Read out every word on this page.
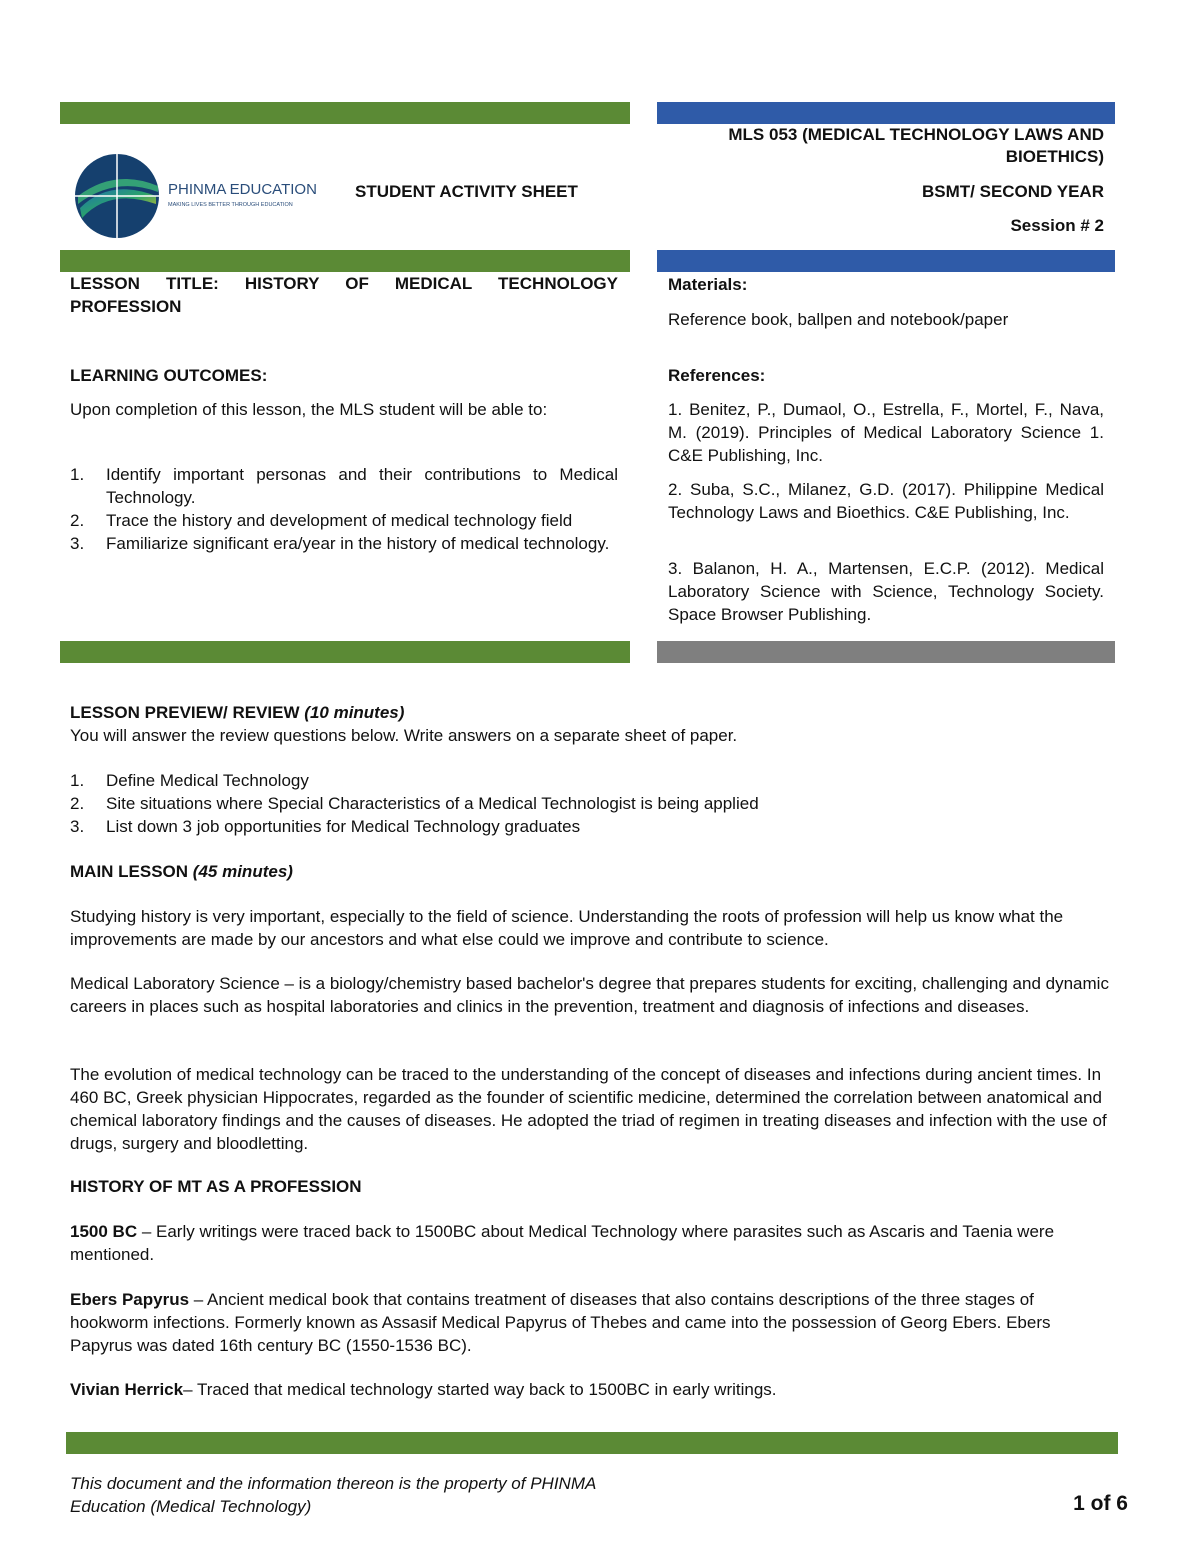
PHINMA EDUCATION
MAKING LIVES BETTER THROUGH EDUCATION
STUDENT ACTIVITY SHEET
MLS 053 (MEDICAL TECHNOLOGY LAWS AND
BIOETHICS)
BSMT/ SECOND YEAR
Session # 2
LESSON TITLE: HISTORY OF MEDICAL TECHNOLOGY PROFESSION
LEARNING OUTCOMES:
Upon completion of this lesson, the MLS student will be able to:
1. Identify important personas and their contributions to Medical Technology.
2. Trace the history and development of medical technology field
3. Familiarize significant era/year in the history of medical technology.
Materials:
Reference book, ballpen and notebook/paper
References:
1. Benitez, P., Dumaol, O., Estrella, F., Mortel, F., Nava, M. (2019). Principles of Medical Laboratory Science 1. C&E Publishing, Inc.
2. Suba, S.C., Milanez, G.D. (2017). Philippine Medical Technology Laws and Bioethics. C&E Publishing, Inc.
3. Balanon, H. A., Martensen, E.C.P. (2012). Medical Laboratory Science with Science, Technology Society. Space Browser Publishing.
LESSON PREVIEW/ REVIEW (10 minutes)
You will answer the review questions below. Write answers on a separate sheet of paper.
1. Define Medical Technology
2. Site situations where Special Characteristics of a Medical Technologist is being applied
3. List down 3 job opportunities for Medical Technology graduates
MAIN LESSON (45 minutes)

Studying history is very important, especially to the field of science. Understanding the roots of profession will help us know what the improvements are made by our ancestors and what else could we improve and contribute to science.

Medical Laboratory Science – is a biology/chemistry based bachelor's degree that prepares students for exciting, challenging and dynamic careers in places such as hospital laboratories and clinics in the prevention, treatment and diagnosis of infections and diseases.

The evolution of medical technology can be traced to the understanding of the concept of diseases and infections during ancient times. In 460 BC, Greek physician Hippocrates, regarded as the founder of scientific medicine, determined the correlation between anatomical and chemical laboratory findings and the causes of diseases. He adopted the triad of regimen in treating diseases and infection with the use of drugs, surgery and bloodletting.

HISTORY OF MT AS A PROFESSION

1500 BC – Early writings were traced back to 1500BC about Medical Technology where parasites such as Ascaris and Taenia were mentioned.

Ebers Papyrus – Ancient medical book that contains treatment of diseases that also contains descriptions of the three stages of hookworm infections. Formerly known as Assasif Medical Papyrus of Thebes and came into the possession of Georg Ebers. Ebers Papyrus was dated 16th century BC (1550-1536 BC).

Vivian Herrick– Traced that medical technology started way back to 1500BC in early writings.

This document and the information thereon is the property of PHINMA
Education (Medical Technology)	1 of 6
